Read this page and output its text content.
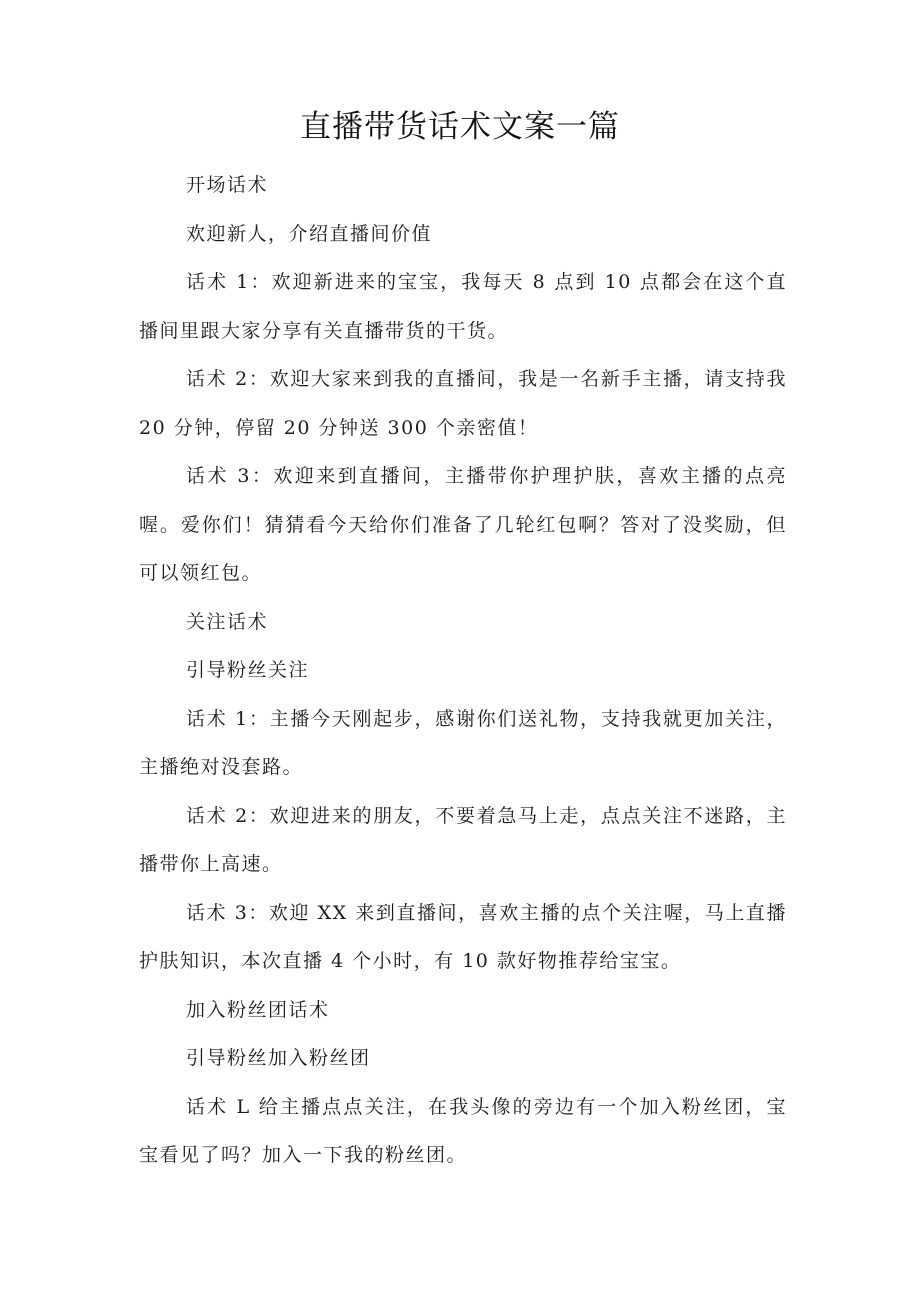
直播带货话术文案一篇

开场话术

欢迎新人，介绍直播间价值

话术 1：欢迎新进来的宝宝，我每天 8 点到 10 点都会在这个直播间里跟大家分享有关直播带货的干货。

话术 2：欢迎大家来到我的直播间，我是一名新手主播，请支持我 20 分钟，停留 20 分钟送 300 个亲密值！

话术 3：欢迎来到直播间，主播带你护理护肤，喜欢主播的点亮喔。爱你们！猜猜看今天给你们准备了几轮红包啊？答对了没奖励，但可以领红包。

关注话术

引导粉丝关注

话术 1：主播今天刚起步，感谢你们送礼物，支持我就更加关注，主播绝对没套路。

话术 2：欢迎进来的朋友，不要着急马上走，点点关注不迷路，主播带你上高速。

话术 3：欢迎 XX 来到直播间，喜欢主播的点个关注喔，马上直播护肤知识，本次直播 4 个小时，有 10 款好物推荐给宝宝。

加入粉丝团话术

引导粉丝加入粉丝团

话术 L 给主播点点关注，在我头像的旁边有一个加入粉丝团，宝宝看见了吗？加入一下我的粉丝团。
